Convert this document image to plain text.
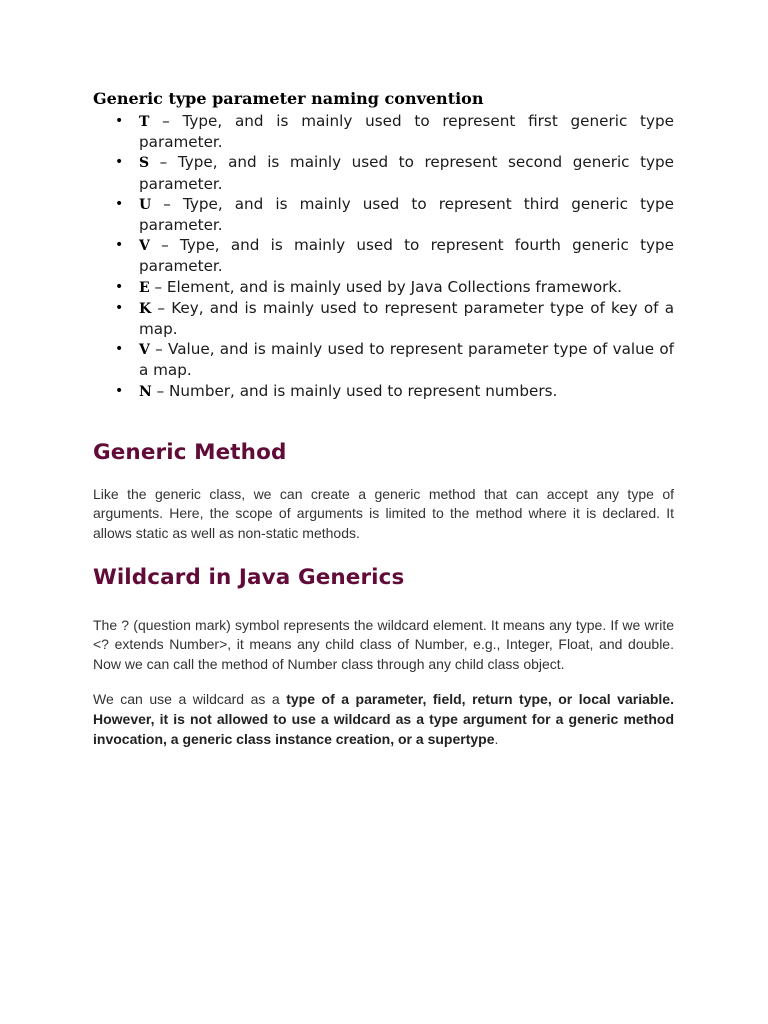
Generic type parameter naming convention
• T – Type, and is mainly used to represent first generic type parameter.
• S – Type, and is mainly used to represent second generic type parameter.
• U – Type, and is mainly used to represent third generic type parameter.
• V – Type, and is mainly used to represent fourth generic type parameter.
• E – Element, and is mainly used by Java Collections framework.
• K – Key, and is mainly used to represent parameter type of key of a map.
• V – Value, and is mainly used to represent parameter type of value of a map.
• N – Number, and is mainly used to represent numbers.
Generic Method

Like the generic class, we can create a generic method that can accept any type of arguments. Here, the scope of arguments is limited to the method where it is declared. It allows static as well as non-static methods.

Wildcard in Java Generics

The ? (question mark) symbol represents the wildcard element. It means any type. If we write <? extends Number>, it means any child class of Number, e.g., Integer, Float, and double. Now we can call the method of Number class through any child class object.

We can use a wildcard as a type of a parameter, field, return type, or local variable. However, it is not allowed to use a wildcard as a type argument for a generic method invocation, a generic class instance creation, or a supertype.
